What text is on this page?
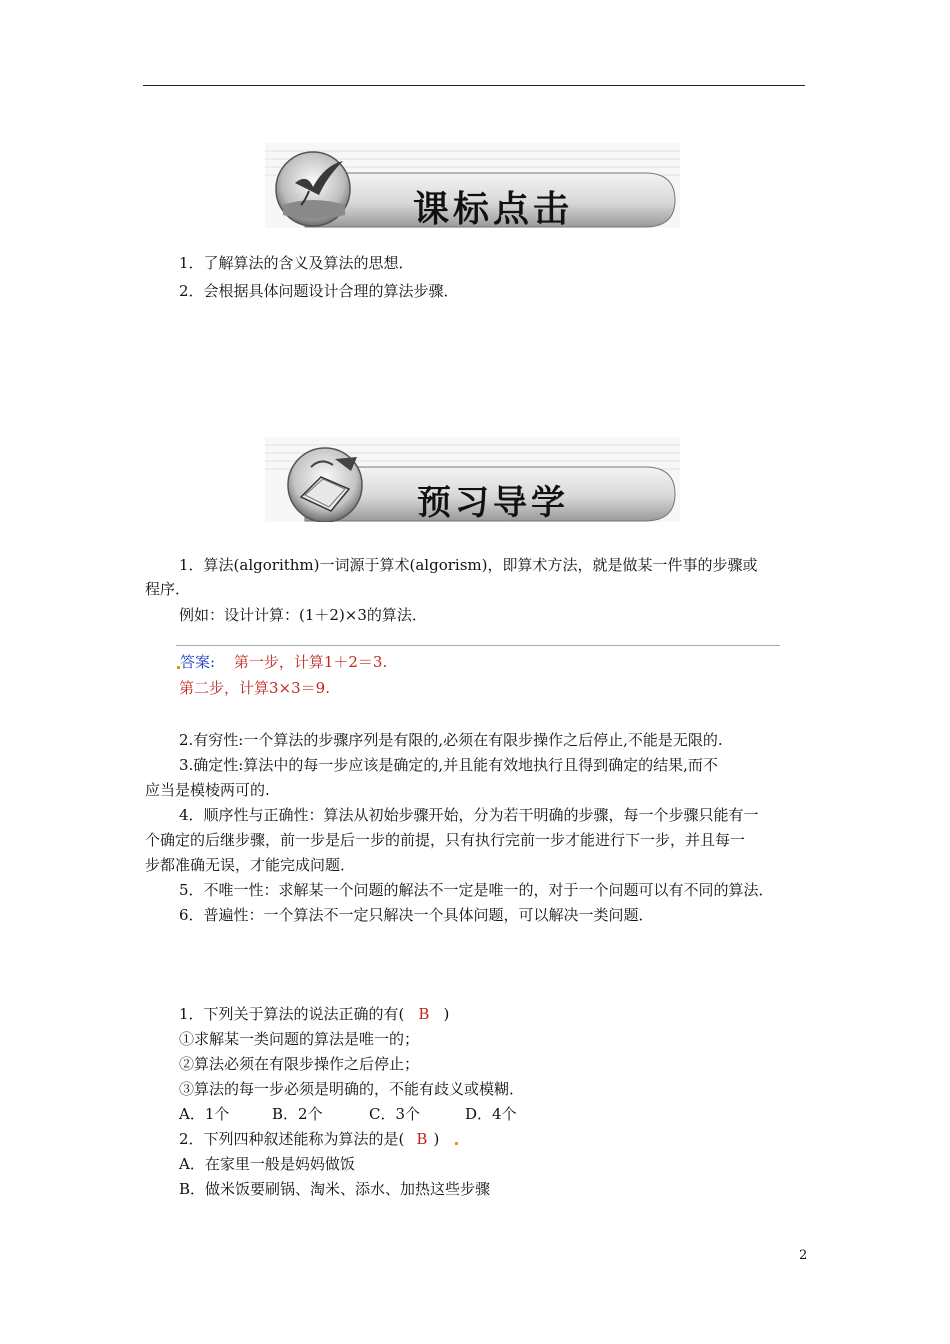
课标点击
1．了解算法的含义及算法的思想．
2．会根据具体问题设计合理的算法步骤．
预习导学
1．算法(algorithm)一词源于算术(algorism)，即算术方法，就是做某一件事的步骤或
程序．
例如：设计计算：(1＋2)×3的算法．
答案: 第一步，计算1＋2＝3.
第二步，计算3×3＝9.
2.有穷性:一个算法的步骤序列是有限的,必须在有限步操作之后停止,不能是无限的.
3.确定性:算法中的每一步应该是确定的,并且能有效地执行且得到确定的结果,而不
应当是模棱两可的.
4．顺序性与正确性：算法从初始步骤开始，分为若干明确的步骤，每一个步骤只能有一
个确定的后继步骤，前一步是后一步的前提，只有执行完前一步才能进行下一步，并且每一
步都准确无误，才能完成问题．
5．不唯一性：求解某一个问题的解法不一定是唯一的，对于一个问题可以有不同的算法．
6．普遍性：一个算法不一定只解决一个具体问题，可以解决一类问题．
1．下列关于算法的说法正确的有( B )
①求解某一类问题的算法是唯一的；
②算法必须在有限步操作之后停止；
③算法的每一步必须是明确的，不能有歧义或模糊．
A．1个	B．2个	C．3个	D．4个
2．下列四种叙述能称为算法的是( B )
A．在家里一般是妈妈做饭
B．做米饭要刷锅、淘米、添水、加热这些步骤
2
